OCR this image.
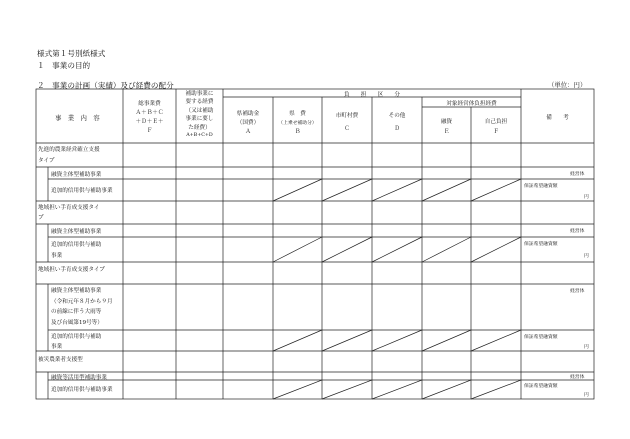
様式第１号別紙様式
１　事業の目的
２　事業の計画（実績）及び経費の配分	（単位：円）
事　業　内　容
総事業費
Ａ＋Ｂ＋Ｃ
＋Ｄ＋Ｅ＋
Ｆ
補助事業に
要する経費
（又は補助
事業に要し
た経費）
A+B+C+D
負　　担　　区　　分
対象経営体負担経費
県補助金
（国費）
Ａ
県　費
（上乗せ補助分）
Ｂ
市町村費
Ｃ
その他
Ｄ
融資
Ｅ
自己負担
Ｆ
備　　考
先進的農業経営確立支援
タイプ
融資主体型補助事業
追加的信用供与補助事業
経営体
保証希望融資額
円
地域担い手育成支援タイ
プ
融資主体型補助事業
追加的信用供与補助
事業
経営体
保証希望融資額
円
地域担い手育成支援タイプ
融資主体型補助事業
（令和元年８月から９月
の前線に伴う大雨等
及び台風第19号等）
追加的信用供与補助
事業
経営体
保証希望融資額
円
被災農業者支援型
融資等活用型補助事業
追加的信用供与補助事業
経営体
保証希望融資額
円
